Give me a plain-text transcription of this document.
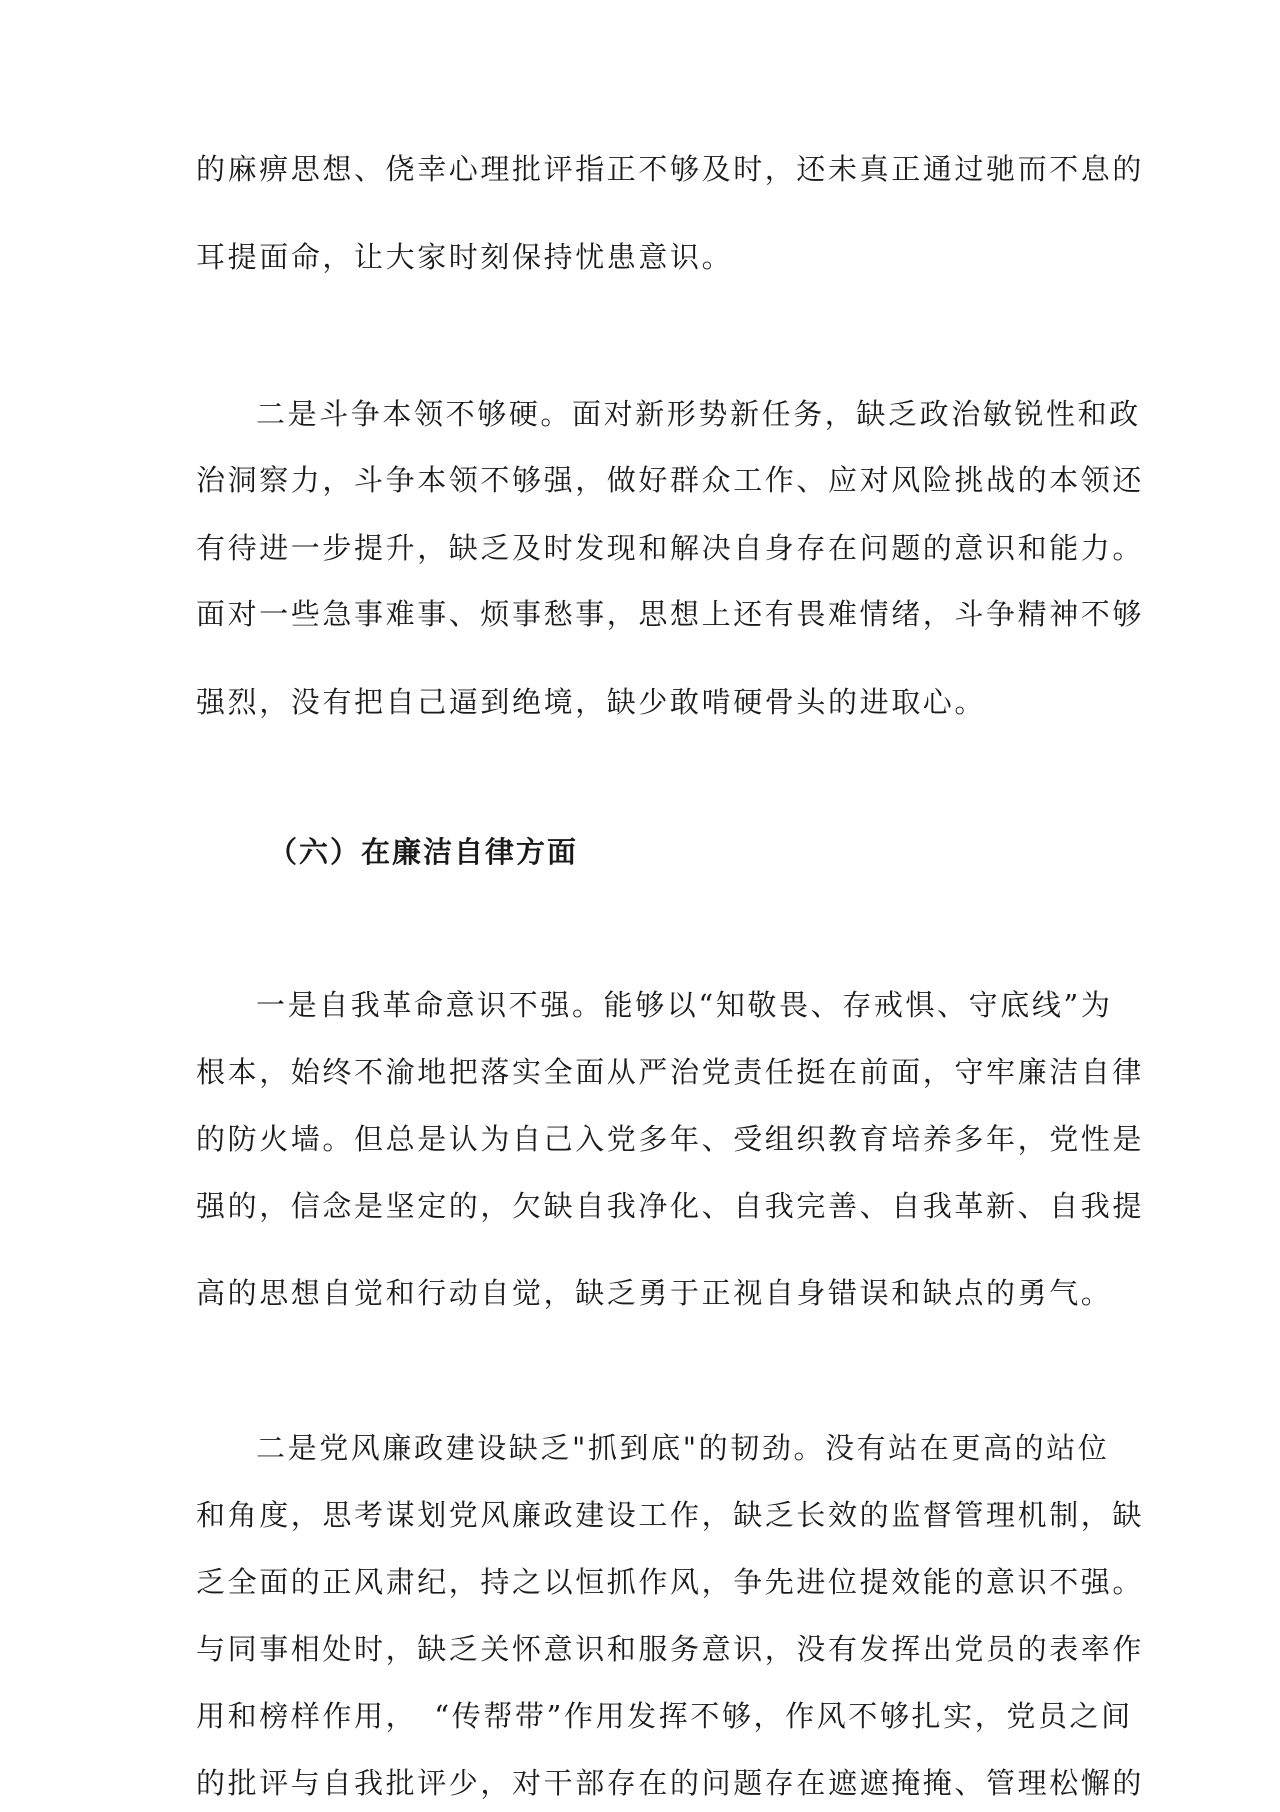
的麻痹思想、侥幸心理批评指正不够及时，还未真正通过驰而不息的
耳提面命，让大家时刻保持忧患意识。
二是斗争本领不够硬。面对新形势新任务，缺乏政治敏锐性和政
治洞察力，斗争本领不够强，做好群众工作、应对风险挑战的本领还
有待进一步提升，缺乏及时发现和解决自身存在问题的意识和能力。
面对一些急事难事、烦事愁事，思想上还有畏难情绪，斗争精神不够
强烈，没有把自己逼到绝境，缺少敢啃硬骨头的进取心。
（六）在廉洁自律方面
一是自我革命意识不强。能够以“知敬畏、存戒惧、守底线”为
根本，始终不渝地把落实全面从严治党责任挺在前面，守牢廉洁自律
的防火墙。但总是认为自己入党多年、受组织教育培养多年，党性是
强的，信念是坚定的，欠缺自我净化、自我完善、自我革新、自我提
高的思想自觉和行动自觉，缺乏勇于正视自身错误和缺点的勇气。
二是党风廉政建设缺乏"抓到底"的韧劲。没有站在更高的站位
和角度，思考谋划党风廉政建设工作，缺乏长效的监督管理机制，缺
乏全面的正风肃纪，持之以恒抓作风，争先进位提效能的意识不强。
与同事相处时，缺乏关怀意识和服务意识，没有发挥出党员的表率作
用和榜样作用，　“传帮带”作用发挥不够，作风不够扎实，党员之间
的批评与自我批评少，对干部存在的问题存在遮遮掩掩、管理松懈的
